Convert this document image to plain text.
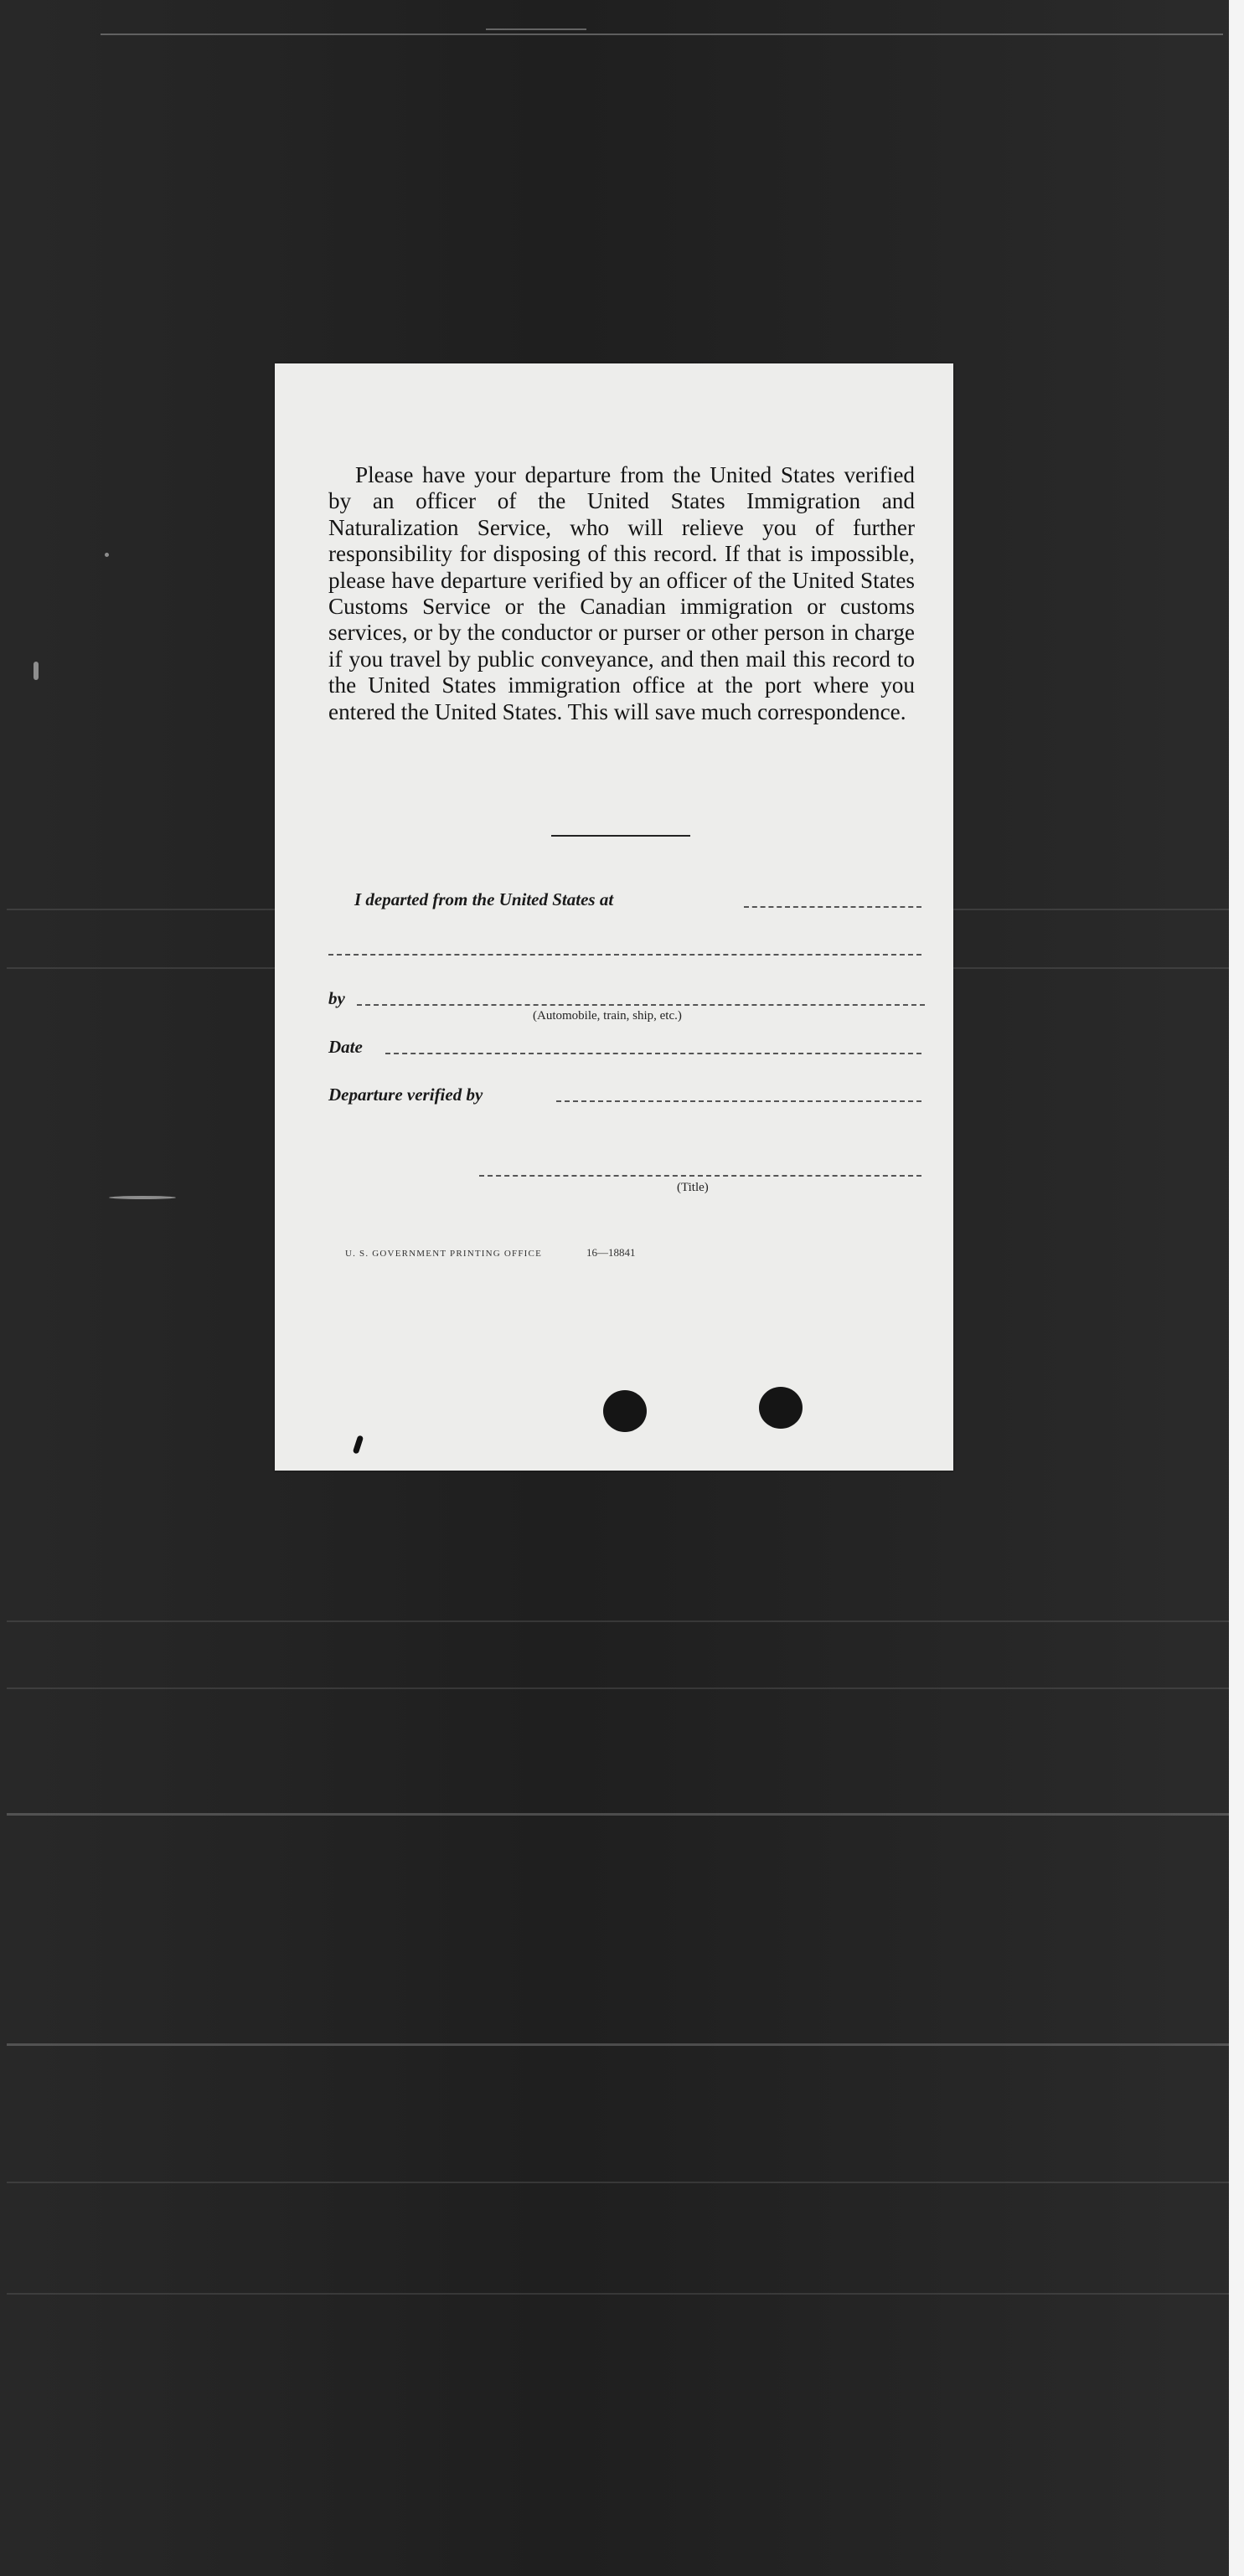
Please have your departure from the United States verified by an officer of the United States Immigration and Naturalization Service, who will relieve you of further responsibility for disposing of this record. If that is impossible, please have departure verified by an officer of the United States Customs Service or the Canadian immigration or customs services, or by the conductor or purser or other person in charge if you travel by public conveyance, and then mail this record to the United States immigration office at the port where you entered the United States. This will save much correspondence.

I departed from the United States at
by
(Automobile, train, ship, etc.)
Date
Departure verified by
(Title)
U. S. GOVERNMENT PRINTING OFFICE	16—18841
